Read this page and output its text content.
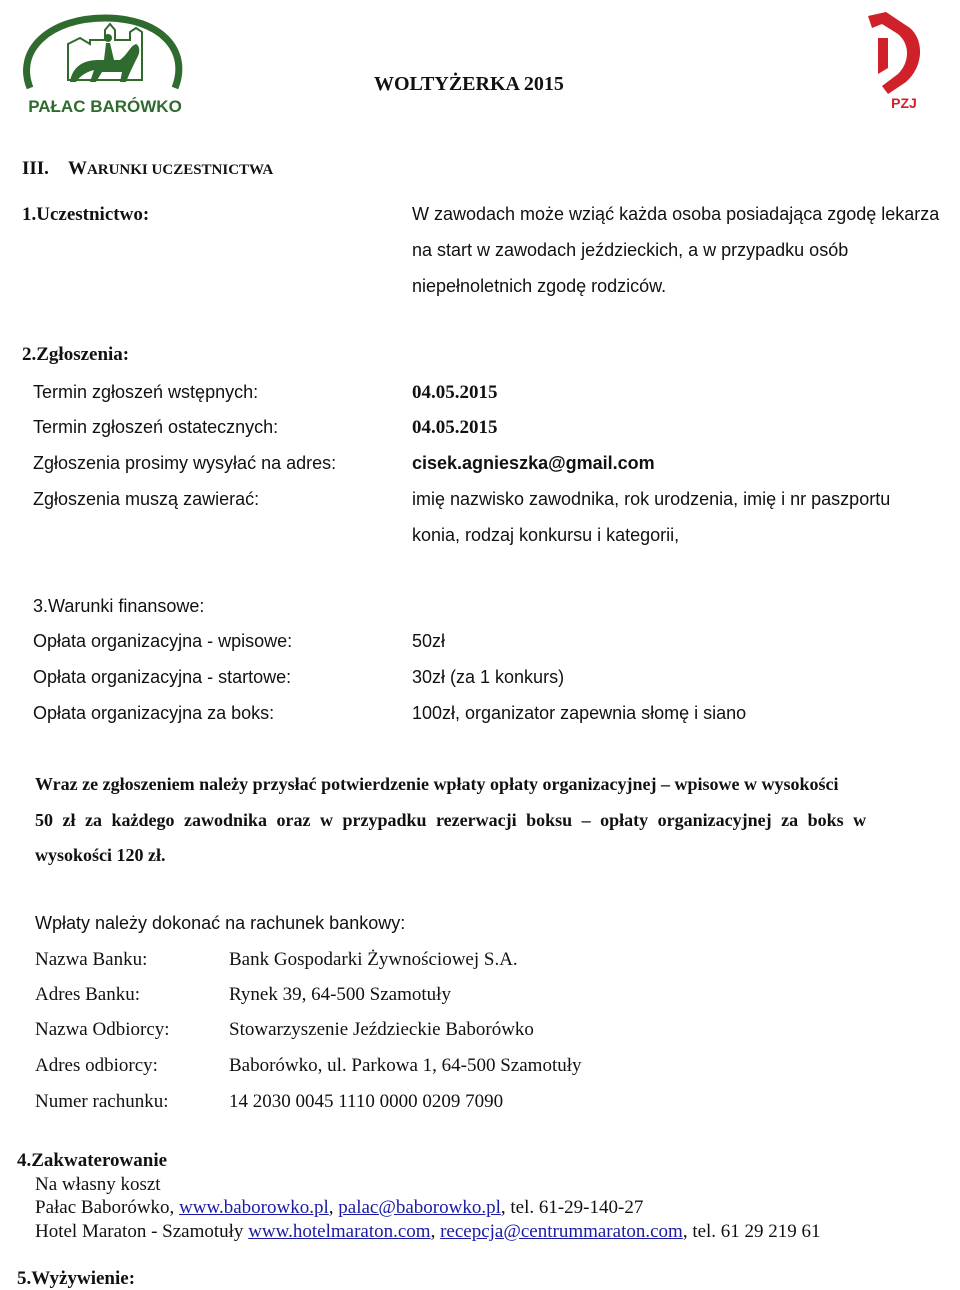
PAŁAC BARÓWKO
WOLTYŻERKA 2015
PZJ
III. WARUNKI UCZESTNICTWA
1.Uczestnictwo:	W zawodach może wziąć każda osoba posiadająca zgodę lekarza
na start w zawodach jeździeckich, a w przypadku osób
niepełnoletnich zgodę rodziców.
2.Zgłoszenia:
Termin zgłoszeń wstępnych:	04.05.2015
Termin zgłoszeń ostatecznych:	04.05.2015
Zgłoszenia prosimy wysyłać na adres:	cisek.agnieszka@gmail.com
Zgłoszenia muszą zawierać:	imię nazwisko zawodnika, rok urodzenia, imię i nr paszportu
konia, rodzaj konkursu i kategorii,
3.Warunki finansowe:
Opłata organizacyjna - wpisowe:	50zł
Opłata organizacyjna - startowe:	30zł (za 1 konkurs)
Opłata organizacyjna za boks:	100zł, organizator zapewnia słomę i siano
Wraz ze zgłoszeniem należy przysłać potwierdzenie wpłaty opłaty organizacyjnej – wpisowe w wysokości
50 zł za każdego zawodnika oraz w przypadku rezerwacji boksu – opłaty organizacyjnej za boks w
wysokości 120 zł.
Wpłaty należy dokonać na rachunek bankowy:
Nazwa Banku:	Bank Gospodarki Żywnościowej S.A.
Adres Banku:	Rynek 39, 64-500 Szamotuły
Nazwa Odbiorcy:	Stowarzyszenie Jeździeckie Baborówko
Adres odbiorcy:	Baborówko, ul. Parkowa 1, 64-500 Szamotuły
Numer rachunku:	14 2030 0045 1110 0000 0209 7090
4.Zakwaterowanie
Na własny koszt
Pałac Baborówko, www.baborowko.pl, palac@baborowko.pl, tel. 61-29-140-27
Hotel Maraton - Szamotuły www.hotelmaraton.com, recepcja@centrummaraton.com, tel. 61 29 219 61
5.Wyżywienie:
